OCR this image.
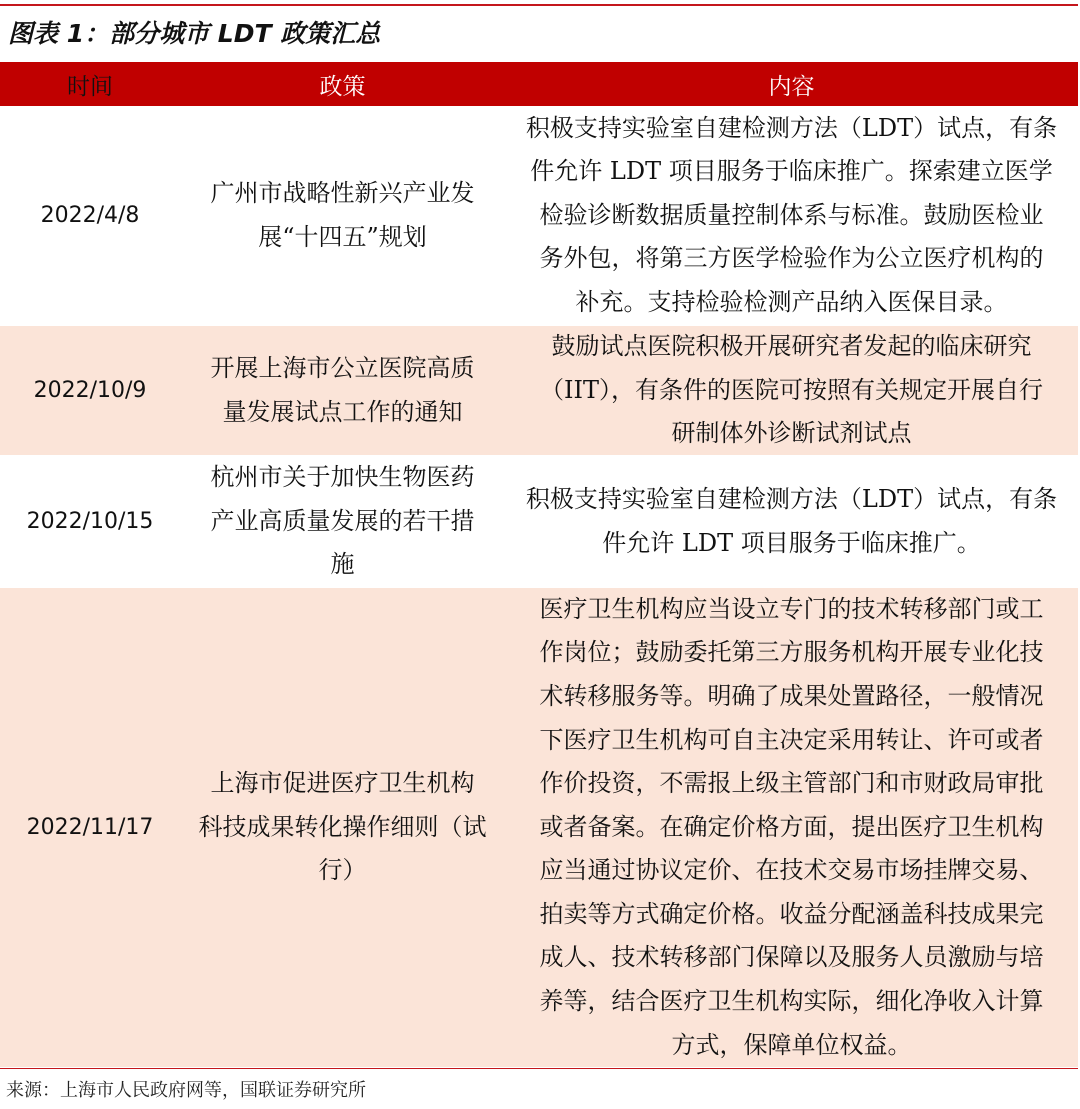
图表 1：部分城市 LDT 政策汇总
时间	政策	内容
2022/4/8
广州市战略性新兴产业发
展“十四五”规划
积极支持实验室自建检测方法（LDT）试点，有条
件允许 LDT 项目服务于临床推广。探索建立医学
检验诊断数据质量控制体系与标准。鼓励医检业
务外包，将第三方医学检验作为公立医疗机构的
补充。支持检验检测产品纳入医保目录。
2022/10/9
开展上海市公立医院高质
量发展试点工作的通知
鼓励试点医院积极开展研究者发起的临床研究
（IIT），有条件的医院可按照有关规定开展自行
研制体外诊断试剂试点
2022/10/15
杭州市关于加快生物医药
产业高质量发展的若干措
施
积极支持实验室自建检测方法（LDT）试点，有条
件允许 LDT 项目服务于临床推广。
2022/11/17
上海市促进医疗卫生机构
科技成果转化操作细则（试
行）
医疗卫生机构应当设立专门的技术转移部门或工
作岗位；鼓励委托第三方服务机构开展专业化技
术转移服务等。明确了成果处置路径，一般情况
下医疗卫生机构可自主决定采用转让、许可或者
作价投资，不需报上级主管部门和市财政局审批
或者备案。在确定价格方面，提出医疗卫生机构
应当通过协议定价、在技术交易市场挂牌交易、
拍卖等方式确定价格。收益分配涵盖科技成果完
成人、技术转移部门保障以及服务人员激励与培
养等，结合医疗卫生机构实际，细化净收入计算
方式，保障单位权益。
来源：上海市人民政府网等，国联证券研究所
